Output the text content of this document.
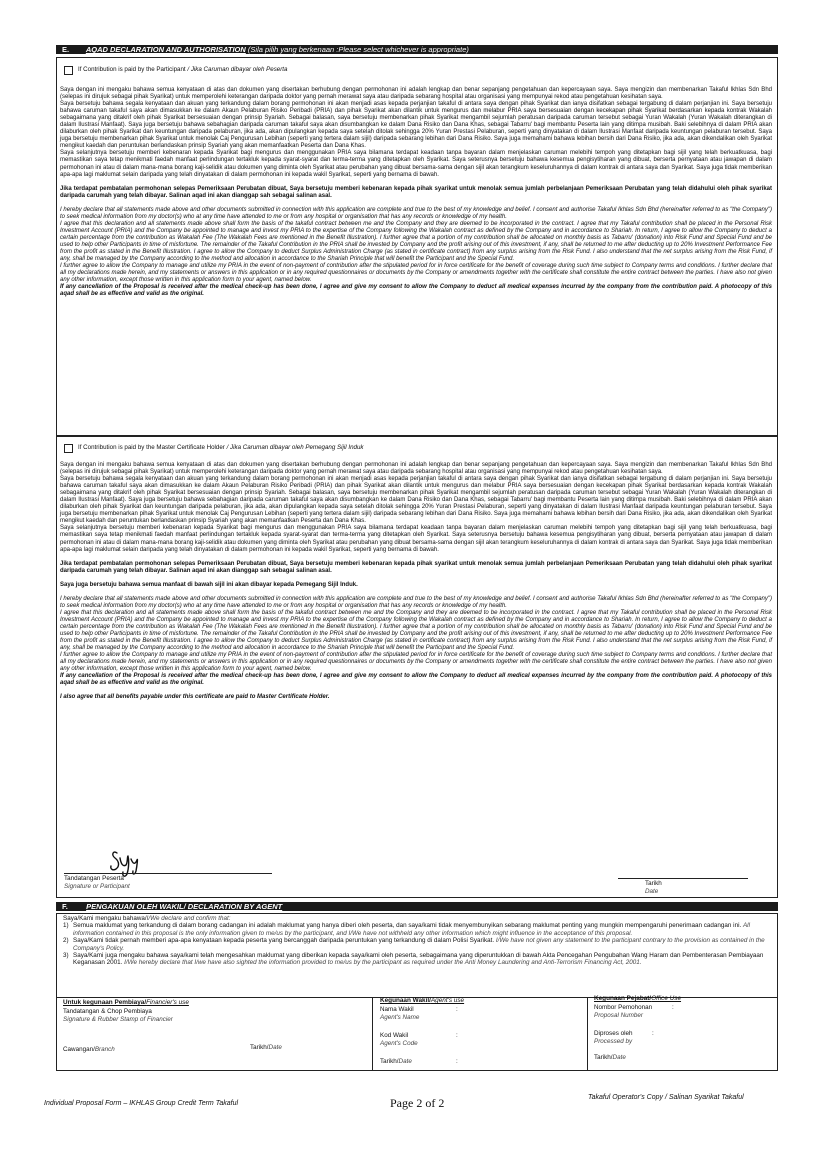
E. AQAD DECLARATION AND AUTHORISATION (Sila pilih yang berkenaan :Please select whichever is appropriate)
If Contribution is paid by the Participant / Jika Caruman dibayar oleh Peserta

Saya dengan ini mengaku bahawa semua kenyataan di atas dan dokumen yang disertakan berhubung dengan permohonan ini adalah lengkap dan benar sepanjang pengetahuan dan kepercayaan saya. Saya mengizin dan membenarkan Takaful Ikhlas Sdn Bhd (selepas ini dirujuk sebagai pihak Syarikat) untuk memperolehi keterangan daripada doktor yang pernah merawat saya atau daripada sebarang hospital atau organisasi yang mempunyai rekod atau pengetahuan kesihatan saya.

Saya bersetuju bahawa segala kenyataan dan akuan yang terkandung dalam borang permohonan ini akan menjadi asas kepada perjanjian takaful di antara saya dengan pihak Syarikat dan ianya disifatkan sebagai tergabung di dalam perjanjian ini. Saya bersetuju bahawa caruman takaful saya akan dimasukkan ke dalam Akaun Pelaburan Risiko Peribadi (PRIA) dan pihak Syarikat akan dilantik untuk mengurus dan melabur PRIA saya bersesuaian dengan kecekapan pihak Syarikat berdasarkan kepada kontrak Wakalah sebagaimana yang ditakrif oleh pihak Syarikat bersesuaian dengan prinsip Syariah. Sebagai balasan, saya bersetuju membenarkan pihak Syarikat mengambil sejumlah peratusan daripada caruman tersebut sebagai Yuran Wakalah (Yuran Wakalah diterangkan di dalam Ilustrasi Manfaat). Saya juga bersetuju bahawa sebahagian daripada caruman takaful saya akan disumbangkan ke dalam Dana Risiko dan Dana Khas, sebagai Tabarru' bagi membantu Peserta lain yang ditimpa musibah. Baki selebihnya di dalam PRIA akan dilaburkan oleh pihak Syarikat dan keuntungan daripada pelaburan, jika ada, akan dipulangkan kepada saya setelah ditolak sehingga 20% Yuran Prestasi Pelaburan, seperti yang dinyatakan di dalam Ilustrasi Manfaat daripada keuntungan pelaburan tersebut. Saya juga bersetuju membenarkan pihak Syarikat untuk menolak Caj Pengurusan Lebihan (seperti yang tertera dalam sijil) daripada sebarang lebihan dari Dana Risiko. Saya juga memahami bahawa lebihan bersih dari Dana Risiko, jika ada, akan dikendalikan oleh Syarikat mengikut kaedah dan peruntukan berlandaskan prinsip Syariah yang akan memanfaatkan Peserta dan Dana Khas.

Saya selanjutnya bersetuju memberi kebenaran kepada Syarikat bagi mengurus dan menggunakan PRIA saya bilamana terdapat keadaan tanpa bayaran dalam menjelaskan caruman melebihi tempoh yang ditetapkan bagi sijil yang telah berkuatkuasa, bagi memastikan saya tetap menikmati faedah manfaat perlindungan tertakluk kepada syarat-syarat dan terma-terma yang ditetapkan oleh Syarikat. Saya seterusnya bersetuju bahawa kesemua pengisytiharan yang dibuat, berserta pernyataan atau jawapan di dalam permohonan ini atau di dalam mana-mana borang kaji-selidik atau dokumen yang diminta oleh Syarikat atau perubahan yang dibuat bersama-sama dengan sijil akan terangkum keseluruhannya di dalam kontrak di antara saya dan Syarikat. Saya juga tidak memberikan apa-apa lagi maklumat selain daripada yang telah dinyatakan di dalam permohonan ini kepada wakil Syarikat, seperti yang bernama di bawah.

Jika terdapat pembatalan permohonan selepas Pemeriksaan Perubatan dibuat, Saya bersetuju memberi kebenaran kepada pihak syarikat untuk menolak semua jumlah perbelanjaan Pemeriksaan Perubatan yang telah didahului oleh pihak syarikat daripada carumah yang telah dibayar. Salinan aqad ini akan dianggap sah sebagai salinan asal.

I hereby declare that all statements made above and other documents submitted in connection with this application are complete and true to the best of my knowledge and belief. I consent and authorise Takaful Ikhlas Sdn Bhd (hereinafter referred to as "the Company") to seek medical information from my doctor(s) who at any time have attended to me or from any hospital or organisation that has any records or knowledge of my health.

I agree that this declaration and all statements made above shall form the basis of the takaful contract between me and the Company and they are deemed to be incorporated in the contract. I agree that my Takaful contribution shall be placed in the Personal Risk Investment Account (PRIA) and the Company be appointed to manage and invest my PRIA to the expertise of the Company following the Wakalah contract as defined by the Company and in accordance to Shariah. In return, I agree to allow the Company to deduct a certain percentage from the contribution as Wakalah Fee (The Wakalah Fees are mentioned in the Benefit Illustration). I further agree that a portion of my contribution shall be allocated on monthly basis as Tabarru' (donation) into Risk Fund and Special Fund and be used to help other Participants in time of misfortune. The remainder of the Takaful Contribution in the PRIA shall be invested by Company and the profit arising out of this investment, if any, shall be returned to me after deducting up to 20% Investment Performance Fee from the profit as stated in the Benefit Illustration. I agree to allow the Company to deduct Surplus Administration Charge (as stated in certificate contract) from any surplus arising from the Risk Fund. I also understand that the net surplus arising from the Risk Fund, if any, shall be managed by the Company according to the method and allocation in accordance to the Shariah Principle that will benefit the Participant and the Special Fund.

I further agree to allow the Company to manage and utilize my PRIA in the event of non-payment of contribution after the stipulated period for in force certificate for the benefit of coverage during such time subject to Company terms and conditions. I further declare that all my declarations made herein, and my statements or answers in this application or in any required questionnaires or documents by the Company or amendments together with the certificate shall constitute the entire contract between the parties. I have also not given any other information, except those written in this application form to your agent, named below.

If any cancellation of the Proposal is received after the medical check-up has been done, I agree and give my consent to allow the Company to deduct all medical expenses incurred by the company from the contribution paid. A photocopy of this aqad shall be as effective and valid as the original.

If Contribution is paid by the Master Certificate Holder / Jika Caruman dibayar oleh Pemegang Sijil Induk

Saya dengan ini mengaku bahawa semua kenyataan di atas dan dokumen yang disertakan berhubung dengan permohonan ini adalah lengkap dan benar sepanjang pengetahuan dan kepercayaan saya. Saya mengizin dan membenarkan Takaful Ikhlas Sdn Bhd (selepas ini dirujuk sebagai pihak Syarikat) untuk memperolehi keterangan daripada doktor yang pernah merawat saya atau daripada sebarang hospital atau organisasi yang mempunyai rekod atau pengetahuan kesihatan saya.

Saya bersetuju bahawa segala kenyataan dan akuan yang terkandung dalam borang permohonan ini akan menjadi asas kepada perjanjian takaful di antara saya dengan pihak Syarikat dan ianya disifatkan sebagai tergabung di dalam perjanjian ini. Saya bersetuju bahawa caruman takaful saya akan dimasukkan ke dalam Akaun Pelaburan Risiko Peribadi (PRIA) dan pihak Syarikat akan dilantik untuk mengurus dan melabur PRIA saya bersesuaian dengan kecekapan pihak Syarikat berdasarkan kepada kontrak Wakalah sebagaimana yang ditakrif oleh pihak Syarikat bersesuaian dengan prinsip Syariah. Sebagai balasan, saya bersetuju membenarkan pihak Syarikat mengambil sejumlah peratusan daripada caruman tersebut sebagai Yuran Wakalah (Yuran Wakalah diterangkan di dalam Ilustrasi Manfaat). Saya juga bersetuju bahawa sebahagian daripada caruman takaful saya akan disumbangkan ke dalam Dana Risiko dan Dana Khas, sebagai Tabarru' bagi membantu Peserta lain yang ditimpa musibah. Baki selebihnya di dalam PRIA akan dilaburkan oleh pihak Syarikat dan keuntungan daripada pelaburan, jika ada, akan dipulangkan kepada saya setelah ditolak sehingga 20% Yuran Prestasi Pelaburan, seperti yang dinyatakan di dalam Ilustrasi Manfaat daripada keuntungan pelaburan tersebut. Saya juga bersetuju membenarkan pihak Syarikat untuk menolak Caj Pengurusan Lebihan (seperti yang tertera dalam sijil) daripada sebarang lebihan dari Dana Risiko. Saya juga memahami bahawa lebihan bersih dari Dana Risiko, jika ada, akan dikendalikan oleh Syarikat mengikut kaedah dan peruntukan berlandaskan prinsip Syariah yang akan memanfaatkan Peserta dan Dana Khas.

Saya selanjutnya bersetuju memberi kebenaran kepada Syarikat bagi mengurus dan menggunakan PRIA saya bilamana terdapat keadaan tanpa bayaran dalam menjelaskan caruman melebihi tempoh yang ditetapkan bagi sijil yang telah berkuatkuasa, bagi memastikan saya tetap menikmati faedah manfaat perlindungan tertakluk kepada syarat-syarat dan terma-terma yang ditetapkan oleh Syarikat. Saya seterusnya bersetuju bahawa kesemua pengisytiharan yang dibuat, berserta pernyataan atau jawapan di dalam permohonan ini atau di dalam mana-mana borang kaji-selidik atau dokumen yang diminta oleh Syarikat atau perubahan yang dibuat bersama-sama dengan sijil akan terangkum keseluruhannya di dalam kontrak di antara saya dan Syarikat. Saya juga tidak memberikan apa-apa lagi maklumat selain daripada yang telah dinyatakan di dalam permohonan ini kepada wakil Syarikat, seperti yang bernama di bawah.

Jika terdapat pembatalan permohonan selepas Pemeriksaan Perubatan dibuat, Saya bersetuju memberi kebenaran kepada pihak syarikat untuk menolak semua jumlah perbelanjaan Pemeriksaan Perubatan yang telah didahului oleh pihak syarikat daripada carumah yang telah dibayar. Salinan aqad ini akan dianggap sah sebagai salinan asal.

Saya juga bersetuju bahawa semua manfaat di bawah sijil ini akan dibayar kepada Pemegang Sijil Induk.

I hereby declare that all statements made above and other documents submitted in connection with this application are complete and true to the best of my knowledge and belief. I consent and authorise Takaful Ikhlas Sdn Bhd (hereinafter referred to as "the Company") to seek medical information from my doctor(s) who at any time have attended to me or from any hospital or organisation that has any records or knowledge of my health.

I agree that this declaration and all statements made above shall form the basis of the takaful contract between me and the Company and they are deemed to be incorporated in the contract. I agree that my Takaful contribution shall be placed in the Personal Risk Investment Account (PRIA) and the Company be appointed to manage and invest my PRIA to the expertise of the Company following the Wakalah contract as defined by the Company and in accordance to Shariah. In return, I agree to allow the Company to deduct a certain percentage from the contribution as Wakalah Fee (The Wakalah Fees are mentioned in the Benefit Illustration). I further agree that a portion of my contribution shall be allocated on monthly basis as Tabarru' (donation) into Risk Fund and Special Fund and be used to help other Participants in time of misfortune. The remainder of the Takaful Contribution in the PRIA shall be invested by Company and the profit arising out of this investment, if any, shall be returned to me after deducting up to 20% Investment Performance Fee from the profit as stated in the Benefit Illustration. I agree to allow the Company to deduct Surplus Administration Charge (as stated in certificate contract) from any surplus arising from the Risk Fund. I also understand that the net surplus arising from the Risk Fund, if any, shall be managed by the Company according to the method and allocation in accordance to the Shariah Principle that will benefit the Participant and the Special Fund.

I further agree to allow the Company to manage and utilize my PRIA in the event of non-payment of contribution after the stipulated period for in force certificate for the benefit of coverage during such time subject to Company terms and conditions. I further declare that all my declarations made herein, and my statements or answers in this application or in any required questionnaires or documents by the Company or amendments together with the certificate shall constitute the entire contract between the parties. I have also not given any other information, except those written in this application form to your agent, named below.

If any cancellation of the Proposal is received after the medical check-up has been done, I agree and give my consent to allow the Company to deduct all medical expenses incurred by the company from the contribution paid. A photocopy of this aqad shall be as effective and valid as the original.

I also agree that all benefits payable under this certificate are paid to Master Certificate Holder.

Tandatangan Peserta
Signature or Participant	Tarikh
Date
F. PENGAKUAN OLEH WAKIL/ DECLARATION BY AGENT

Saya/Kami mengaku bahawa/I/We declare and confirm that:

1) Semua maklumat yang terkandung di dalam borang cadangan ini adalah maklumat yang hanya diberi oleh peserta, dan saya/kami tidak menyembunyikan sebarang maklumat penting yang mungkin mempengaruhi penerimaan cadangan ini. All information contained in this proposal is the only information given to me/us by the participant, and I/We have not withheld any other information which might influence in the acceptance of this proposal.
2) Saya/Kami tidak pernah memberi apa-apa kenyataan kepada peserta yang bercanggah daripada peruntukan yang terkandung di dalam Polisi Syarikat. I/We have not given any statement to the participant contrary to the provision as contained in the Company's Policy.
3) Saya/Kami juga mengaku bahawa saya/kami telah mengesahkan maklumat yang diberikan kepada saya/kami oleh peserta, sebagaimana yang diperuntukkan di bawah Akta Pencegahan Pengubahan Wang Haram dan Pembenterasan Pembiayaan Keganasan 2001. I/We hereby declare that I/we have also sighted the information provided to me/us by the participant as required under the Anti Money Laundering and Anti-Terrorism Financing Act, 2001.
Untuk kegunaan Pembiaya/Financier's use
Tandatangan & Chop Pembiaya
Signature & Rubber Stamp of Financier
Cawangan/Branch	Tarikh/Date
Kegunaan Wakil/Agent's use
Nama Wakil
Agent's Name
:
Kod Wakil
Agent's Code
:
Tarikh/Date	:
Kegunaan Pejabat/Office Use
Nombor Pemohonan
Proposal Number
:
Diproses oleh
Processed by
:
Tarikh/Date
Individual Proposal Form – IKHLAS Group Credit Term Takaful	Page 2 of 2	Takaful Operator's Copy / Salinan Syarikat Takaful
